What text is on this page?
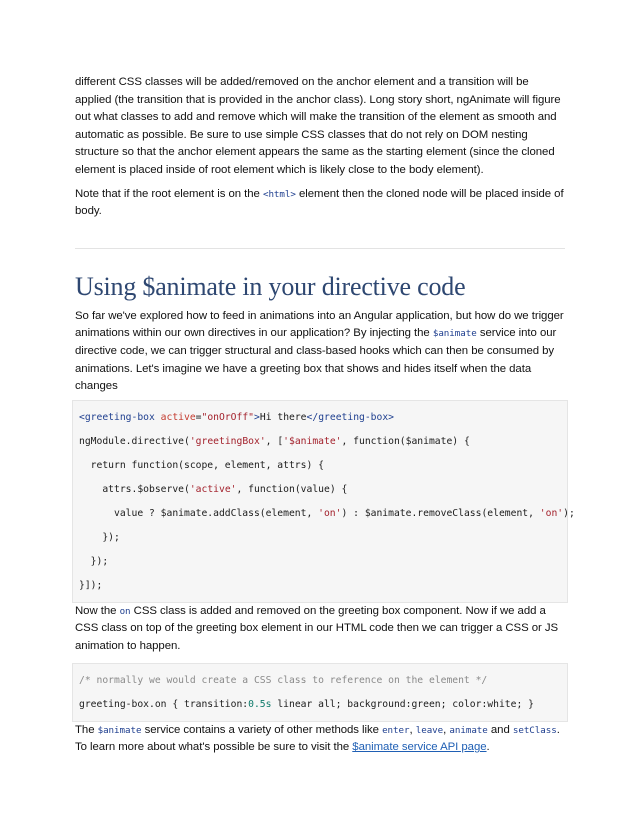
different CSS classes will be added/removed on the anchor element and a transition will be applied (the transition that is provided in the anchor class). Long story short, ngAnimate will figure out what classes to add and remove which will make the transition of the element as smooth and automatic as possible. Be sure to use simple CSS classes that do not rely on DOM nesting structure so that the anchor element appears the same as the starting element (since the cloned element is placed inside of root element which is likely close to the body element).

Note that if the root element is on the <html> element then the cloned node will be placed inside of body.

Using $animate in your directive code

So far we've explored how to feed in animations into an Angular application, but how do we trigger animations within our own directives in our application? By injecting the $animate service into our directive code, we can trigger structural and class-based hooks which can then be consumed by animations. Let's imagine we have a greeting box that shows and hides itself when the data changes

<greeting-box active="onOrOff">Hi there</greeting-box>
ngModule.directive('greetingBox', ['$animate', function($animate) {
return function(scope, element, attrs) {
attrs.$observe('active', function(value) {
value ? $animate.addClass(element, 'on') : $animate.removeClass(element, 'on');
});
});
}]);

Now the on CSS class is added and removed on the greeting box component. Now if we add a CSS class on top of the greeting box element in our HTML code then we can trigger a CSS or JS animation to happen.

/* normally we would create a CSS class to reference on the element */
greeting-box.on { transition:0.5s linear all; background:green; color:white; }

The $animate service contains a variety of other methods like enter, leave, animate and setClass. To learn more about what's possible be sure to visit the $animate service API page.
